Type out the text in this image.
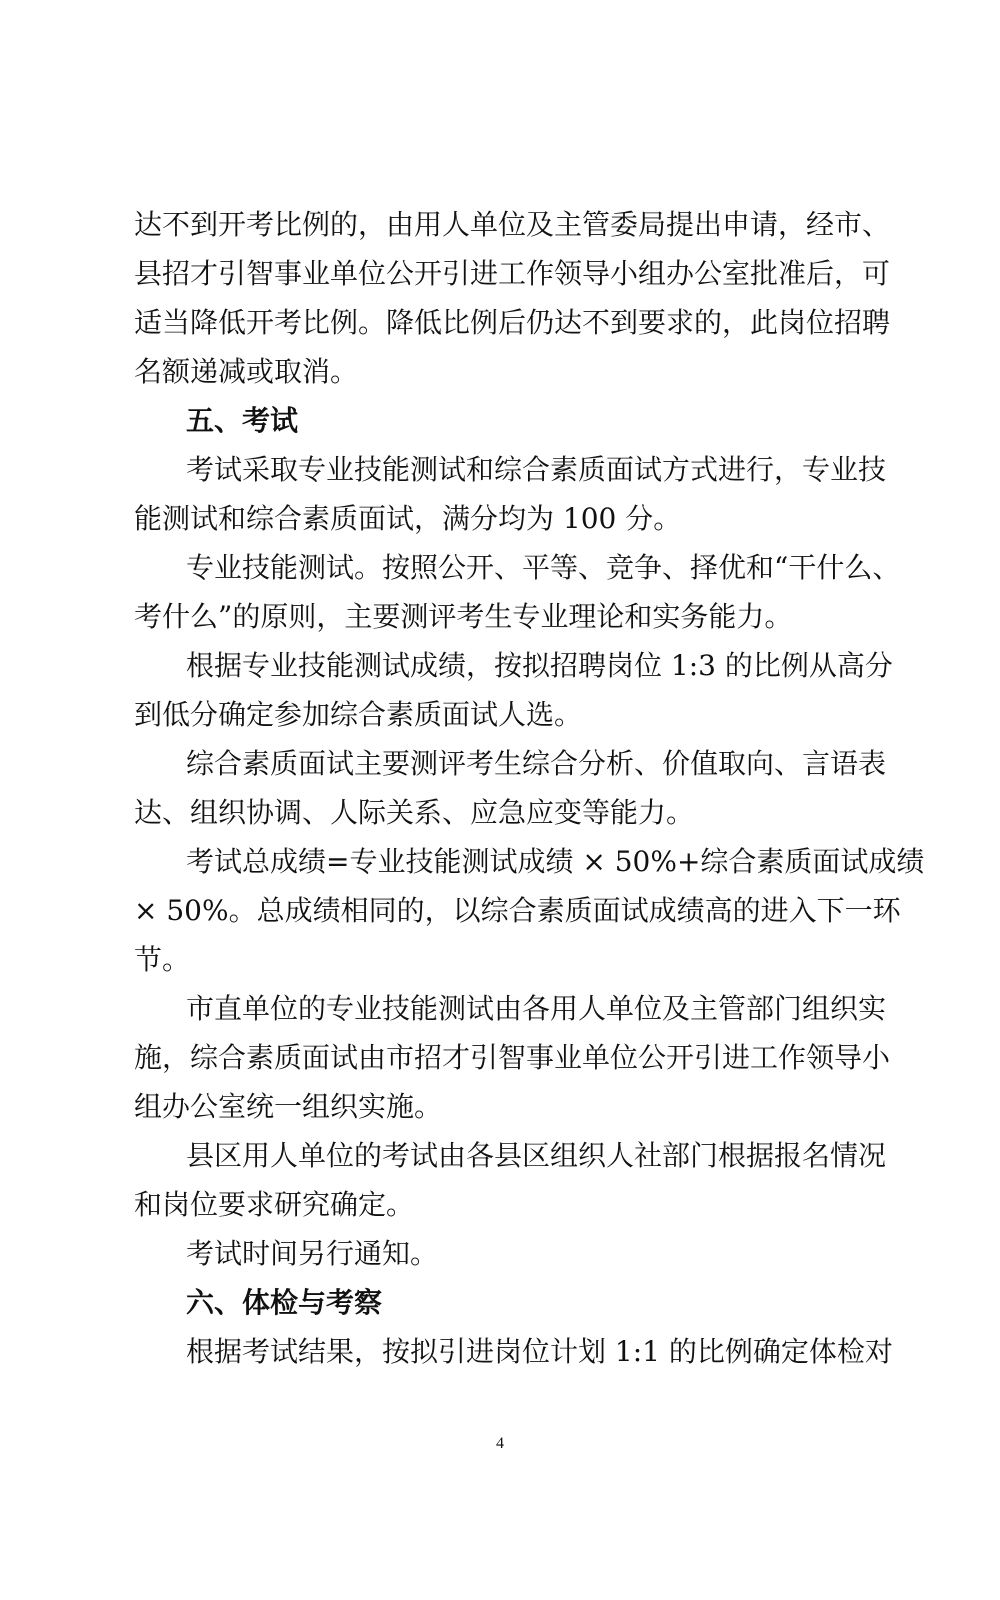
达不到开考比例的，由用人单位及主管委局提出申请，经市、
县招才引智事业单位公开引进工作领导小组办公室批准后，可
适当降低开考比例。降低比例后仍达不到要求的，此岗位招聘
名额递减或取消。
五、考试
考试采取专业技能测试和综合素质面试方式进行，专业技
能测试和综合素质面试，满分均为 100 分。
专业技能测试。按照公开、平等、竞争、择优和“干什么、
考什么”的原则，主要测评考生专业理论和实务能力。
根据专业技能测试成绩，按拟招聘岗位 1:3 的比例从高分
到低分确定参加综合素质面试人选。
综合素质面试主要测评考生综合分析、价值取向、言语表
达、组织协调、人际关系、应急应变等能力。
考试总成绩=专业技能测试成绩 × 50%+综合素质面试成绩
× 50%。总成绩相同的，以综合素质面试成绩高的进入下一环
节。
市直单位的专业技能测试由各用人单位及主管部门组织实
施，综合素质面试由市招才引智事业单位公开引进工作领导小
组办公室统一组织实施。
县区用人单位的考试由各县区组织人社部门根据报名情况
和岗位要求研究确定。
考试时间另行通知。
六、体检与考察
根据考试结果，按拟引进岗位计划 1:1 的比例确定体检对
4
